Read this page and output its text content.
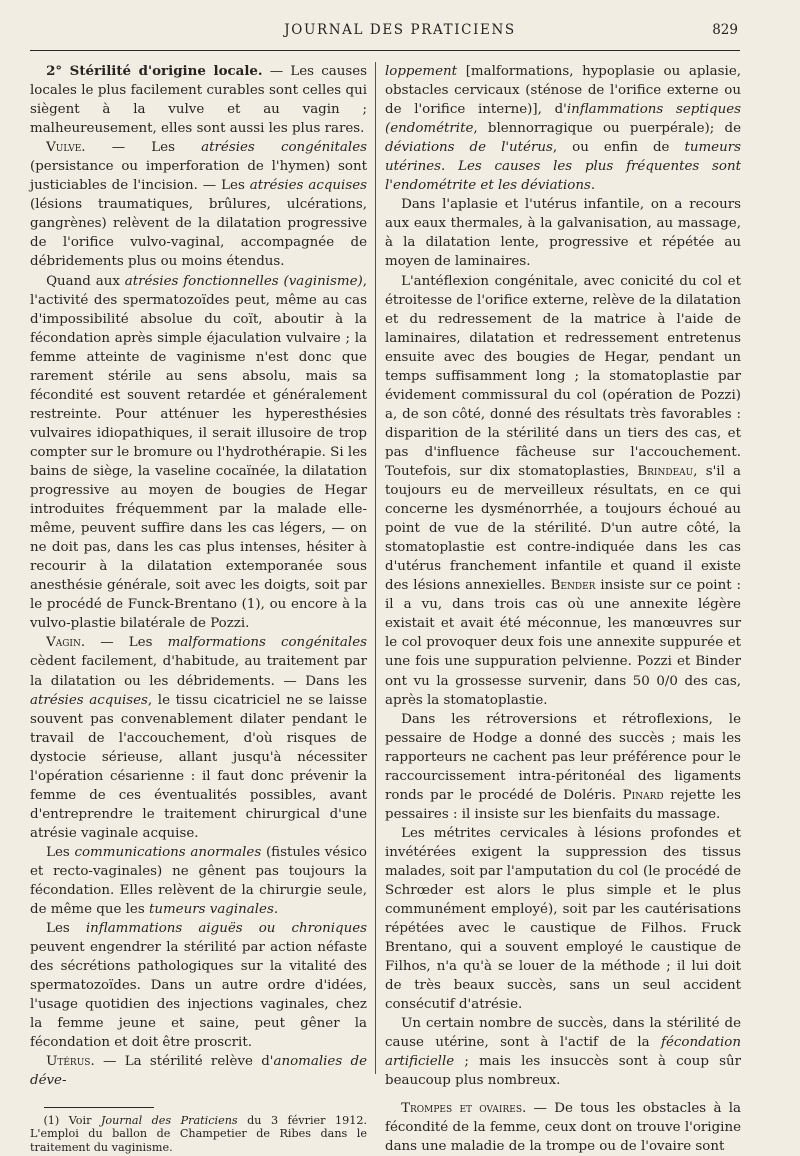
JOURNAL DES PRATICIENS	829

2° Stérilité d'origine locale. — Les causes locales le plus facilement curables sont celles qui siègent à la vulve et au vagin ; malheureusement, elles sont aussi les plus rares.

Vulve. — Les atrésies congénitales (persistance ou imperforation de l'hymen) sont justiciables de l'incision. — Les atrésies acquises (lésions traumatiques, brûlures, ulcérations, gangrènes) relèvent de la dilatation progressive de l'orifice vulvo-vaginal, accompagnée de débridements plus ou moins étendus.

Quand aux atrésies fonctionnelles (vaginisme), l'activité des spermatozoïdes peut, même au cas d'impossibilité absolue du coït, aboutir à la fécondation après simple éjaculation vulvaire ; la femme atteinte de vaginisme n'est donc que rarement stérile au sens absolu, mais sa fécondité est souvent retardée et généralement restreinte. Pour atténuer les hyperesthésies vulvaires idiopathiques, il serait illusoire de trop compter sur le bromure ou l'hydrothérapie. Si les bains de siège, la vaseline cocaïnée, la dilatation progressive au moyen de bougies de Hegar introduites fréquemment par la malade elle-même, peuvent suffire dans les cas légers, — on ne doit pas, dans les cas plus intenses, hésiter à recourir à la dilatation extemporanée sous anesthésie générale, soit avec les doigts, soit par le procédé de Funck-Brentano (1), ou encore à la vulvo-plastie bilatérale de Pozzi.

Vagin. — Les malformations congénitales cèdent facilement, d'habitude, au traitement par la dilatation ou les débridements. — Dans les atrésies acquises, le tissu cicatriciel ne se laisse souvent pas convenablement dilater pendant le travail de l'accouchement, d'où risques de dystocie sérieuse, allant jusqu'à nécessiter l'opération césarienne : il faut donc prévenir la femme de ces éventualités possibles, avant d'entreprendre le traitement chirurgical d'une atrésie vaginale acquise.

Les communications anormales (fistules vésico et recto-vaginales) ne gênent pas toujours la fécondation. Elles relèvent de la chirurgie seule, de même que les tumeurs vaginales.

Les inflammations aiguës ou chroniques peuvent engendrer la stérilité par action néfaste des sécrétions pathologiques sur la vitalité des spermatozoïdes. Dans un autre ordre d'idées, l'usage quotidien des injections vaginales, chez la femme jeune et saine, peut gêner la fécondation et doit être proscrit.

Utérus. — La stérilité relève d'anomalies de déve-

(1) Voir Journal des Praticiens du 3 février 1912. L'emploi du ballon de Champetier de Ribes dans le traitement du vaginisme.

loppement [malformations, hypoplasie ou aplasie, obstacles cervicaux (sténose de l'orifice externe ou de l'orifice interne)], d'inflammations septiques (endométrite, blennorragique ou puerpérale); de déviations de l'utérus, ou enfin de tumeurs utérines. Les causes les plus fréquentes sont l'endométrite et les déviations.

Dans l'aplasie et l'utérus infantile, on a recours aux eaux thermales, à la galvanisation, au massage, à la dilatation lente, progressive et répétée au moyen de laminaires.

L'antéflexion congénitale, avec conicité du col et étroitesse de l'orifice externe, relève de la dilatation et du redressement de la matrice à l'aide de laminaires, dilatation et redressement entretenus ensuite avec des bougies de Hegar, pendant un temps suffisamment long ; la stomatoplastie par évidement commissural du col (opération de Pozzi) a, de son côté, donné des résultats très favorables : disparition de la stérilité dans un tiers des cas, et pas d'influence fâcheuse sur l'accouchement. Toutefois, sur dix stomatoplasties, Brindeau, s'il a toujours eu de merveilleux résultats, en ce qui concerne les dysménorrhée, a toujours échoué au point de vue de la stérilité. D'un autre côté, la stomatoplastie est contre-indiquée dans les cas d'utérus franchement infantile et quand il existe des lésions annexielles. Bender insiste sur ce point : il a vu, dans trois cas où une annexite légère existait et avait été méconnue, les manœuvres sur le col provoquer deux fois une annexite suppurée et une fois une suppuration pelvienne. Pozzi et Binder ont vu la grossesse survenir, dans 50 0/0 des cas, après la stomatoplastie.

Dans les rétroversions et rétroflexions, le pessaire de Hodge a donné des succès ; mais les rapporteurs ne cachent pas leur préférence pour le raccourcissement intra-péritonéal des ligaments ronds par le procédé de Doléris. Pinard rejette les pessaires : il insiste sur les bienfaits du massage.

Les métrites cervicales à lésions profondes et invétérées exigent la suppression des tissus malades, soit par l'amputation du col (le procédé de Schrœder est alors le plus simple et le plus communément employé), soit par les cautérisations répétées avec le caustique de Filhos. Fruck Brentano, qui a souvent employé le caustique de Filhos, n'a qu'à se louer de la méthode ; il lui doit de très beaux succès, sans un seul accident consécutif d'atrésie.

Un certain nombre de succès, dans la stérilité de cause utérine, sont à l'actif de la fécondation artificielle ; mais les insuccès sont à coup sûr beaucoup plus nombreux.

Trompes et ovaires. — De tous les obstacles à la fécondité de la femme, ceux dont on trouve l'origine dans une maladie de la trompe ou de l'ovaire sont
